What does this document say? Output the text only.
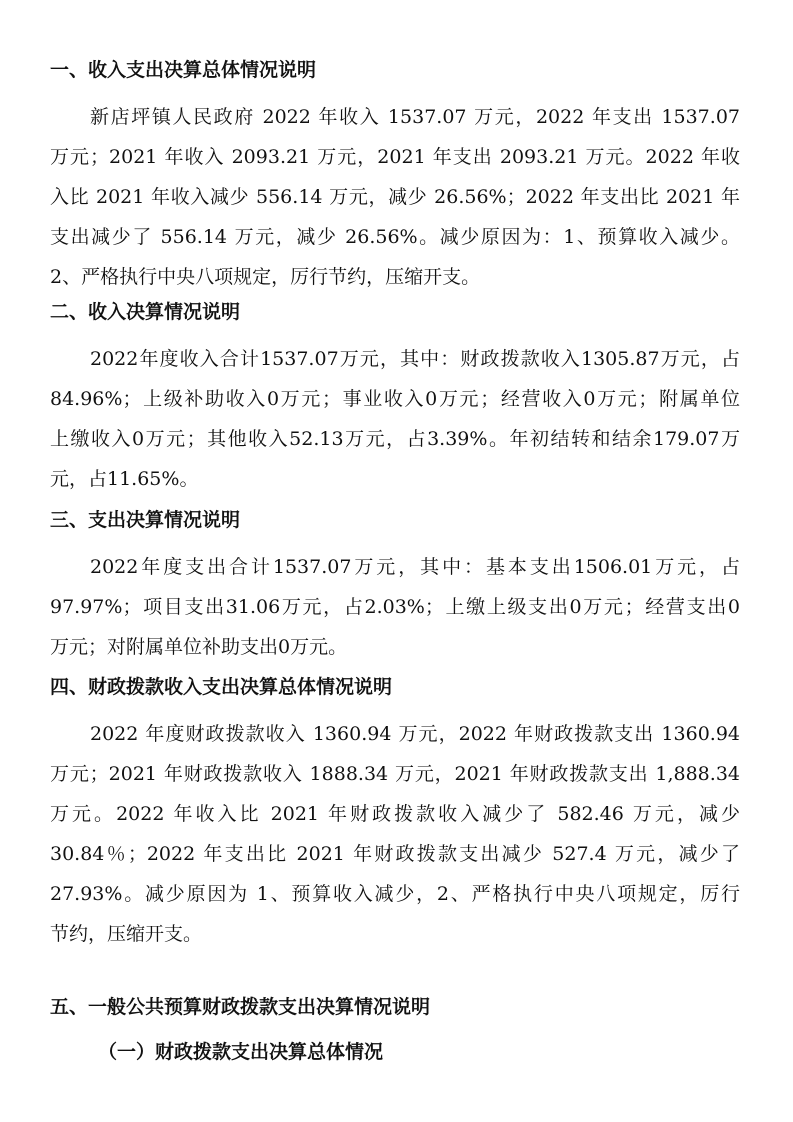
一、收入支出决算总体情况说明
新店坪镇人民政府 2022 年收入 1537.07 万元，2022 年支出 1537.07
万元；2021 年收入 2093.21 万元，2021 年支出 2093.21 万元。2022 年收
入比 2021 年收入减少 556.14 万元，减少 26.56%；2022 年支出比 2021 年
支出减少了 556.14 万元，减少 26.56%。减少原因为：1、预算收入减少。
2、严格执行中央八项规定，厉行节约，压缩开支。
二、收入决算情况说明
2022年度收入合计1537.07万元，其中：财政拨款收入1305.87万元，占
84.96%；上级补助收入0万元；事业收入0万元；经营收入0万元；附属单位
上缴收入0万元；其他收入52.13万元，占3.39%。年初结转和结余179.07万
元，占11.65%。
三、支出决算情况说明
2022年度支出合计1537.07万元，其中：基本支出1506.01万元，占
97.97%；项目支出31.06万元，占2.03%；上缴上级支出0万元；经营支出0
万元；对附属单位补助支出0万元。
四、财政拨款收入支出决算总体情况说明
2022 年度财政拨款收入 1360.94 万元，2022 年财政拨款支出 1360.94
万元；2021 年财政拨款收入 1888.34 万元，2021 年财政拨款支出 1,888.34
万元。2022 年收入比 2021 年财政拨款收入减少了 582.46 万元，减少
30.84％；2022 年支出比 2021 年财政拨款支出减少 527.4 万元，减少了
27.93%。减少原因为 1、预算收入减少，2、严格执行中央八项规定，厉行
节约，压缩开支。
五、一般公共预算财政拨款支出决算情况说明
（一）财政拨款支出决算总体情况
